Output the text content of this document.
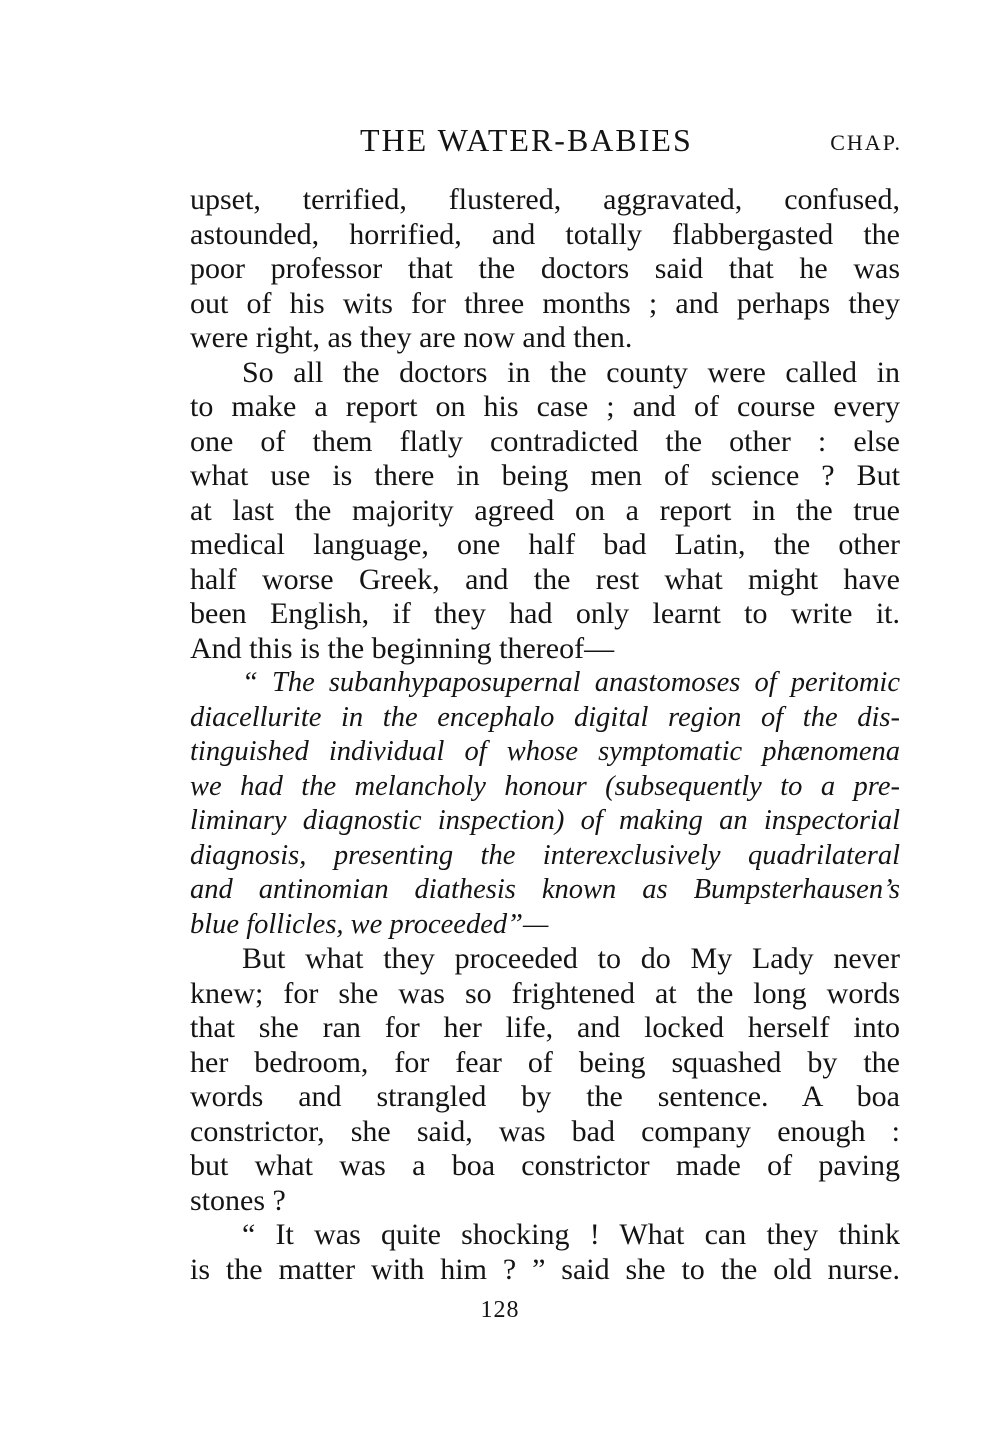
THE WATER-BABIES	CHAP.
upset, terrified, flustered, aggravated, confused,
astounded, horrified, and totally flabbergasted the
poor professor that the doctors said that he was
out of his wits for three months ; and perhaps they
were right, as they are now and then.
So all the doctors in the county were called in
to make a report on his case ; and of course every
one of them flatly contradicted the other : else
what use is there in being men of science ? But
at last the majority agreed on a report in the true
medical language, one half bad Latin, the other
half worse Greek, and the rest what might have
been English, if they had only learnt to write it.
And this is the beginning thereof—
“ The subanhypaposupernal anastomoses of peritomic
diacellurite in the encephalo digital region of the dis-
tinguished individual of whose symptomatic phænomena
we had the melancholy honour (subsequently to a pre-
liminary diagnostic inspection) of making an inspectorial
diagnosis, presenting the interexclusively quadrilateral
and antinomian diathesis known as Bumpsterhausen’s
blue follicles, we proceeded”—
But what they proceeded to do My Lady never
knew; for she was so frightened at the long words
that she ran for her life, and locked herself into
her bedroom, for fear of being squashed by the
words and strangled by the sentence. A boa
constrictor, she said, was bad company enough :
but what was a boa constrictor made of paving
stones ?
“ It was quite shocking ! What can they think
is the matter with him ? ” said she to the old nurse.
128
